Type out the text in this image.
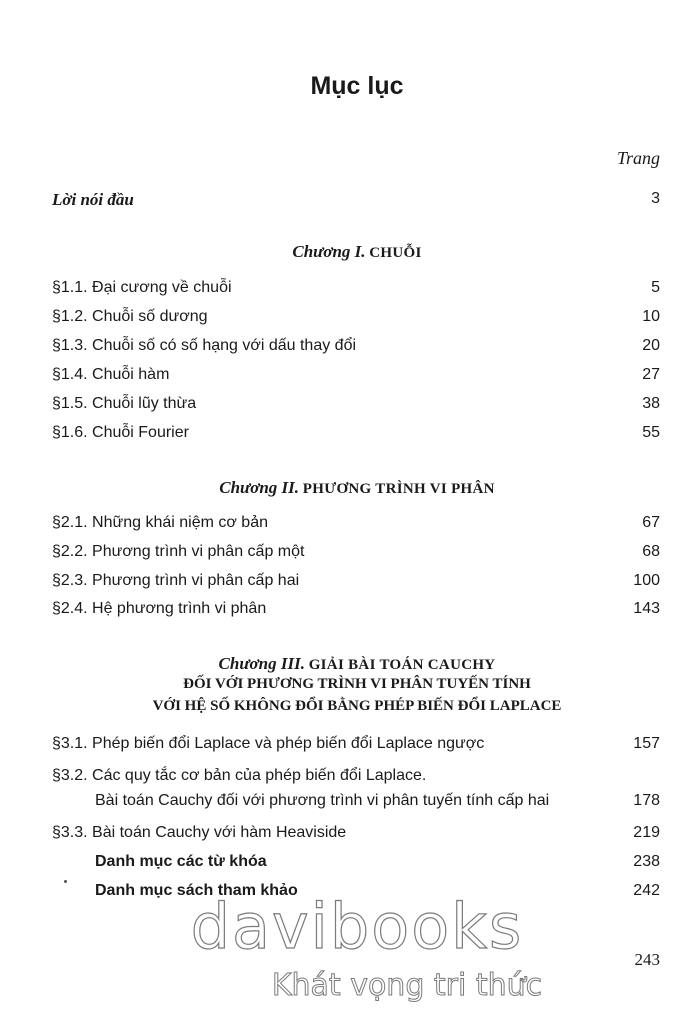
Mục lục
Trang
Lời nói đầu	3
Chương I. CHUỖI
§1.1. Đại cương về chuỗi	5
§1.2. Chuỗi số dương	10
§1.3. Chuỗi số có số hạng với dấu thay đổi	20
§1.4. Chuỗi hàm	27
§1.5. Chuỗi lũy thừa	38
§1.6. Chuỗi Fourier	55
Chương II. PHƯƠNG TRÌNH VI PHÂN
§2.1. Những khái niệm cơ bản	67
§2.2. Phương trình vi phân cấp một	68
§2.3. Phương trình vi phân cấp hai	100
§2.4. Hệ phương trình vi phân	143
Chương III. GIẢI BÀI TOÁN CAUCHY
ĐỐI VỚI PHƯƠNG TRÌNH VI PHÂN TUYẾN TÍNH
VỚI HỆ SỐ KHÔNG ĐỔI BẰNG PHÉP BIẾN ĐỔI LAPLACE
§3.1. Phép biến đổi Laplace và phép biến đổi Laplace ngược	157
§3.2. Các quy tắc cơ bản của phép biến đổi Laplace.
Bài toán Cauchy đối với phương trình vi phân tuyến tính cấp hai	178
§3.3. Bài toán Cauchy với hàm Heaviside	219
Danh mục các từ khóa	238
Danh mục sách tham khảo	242
davibooks
Khát vọng tri thức
243
